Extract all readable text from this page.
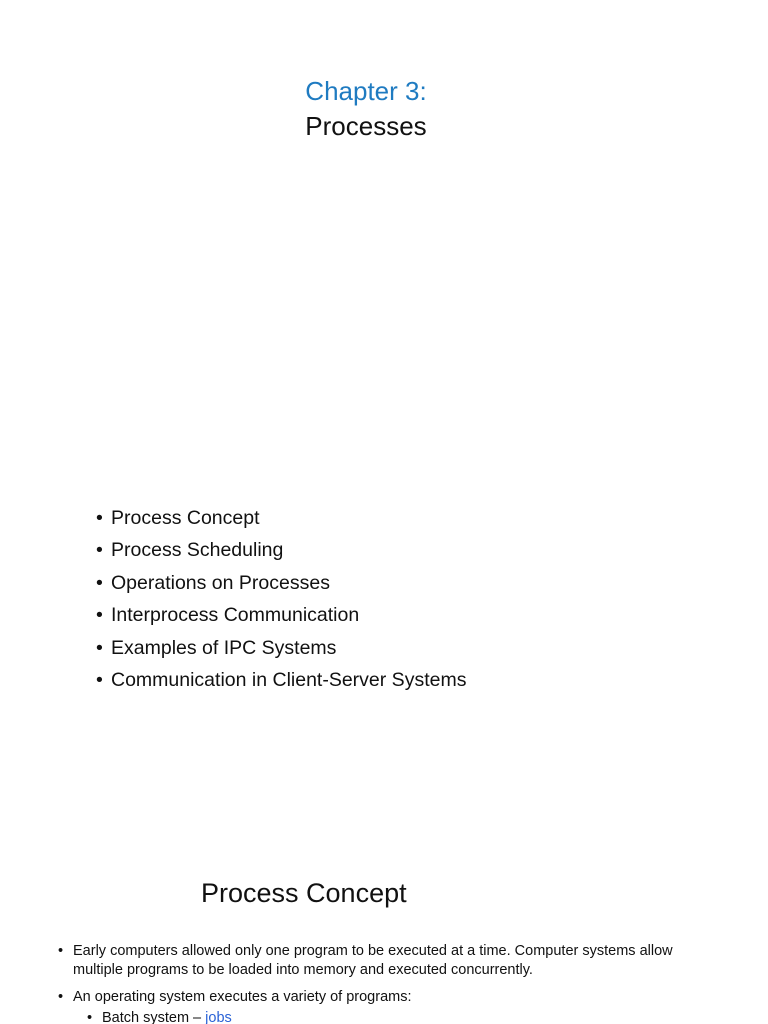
Chapter 3:
Processes
• Process Concept
• Process Scheduling
• Operations on Processes
• Interprocess Communication
• Examples of IPC Systems
• Communication in Client-Server Systems
Process Concept
• Early computers allowed only one program to be executed at a time. Computer systems allow multiple programs to be loaded into memory and executed concurrently.
• An operating system executes a variety of programs:
• Batch system – jobs
